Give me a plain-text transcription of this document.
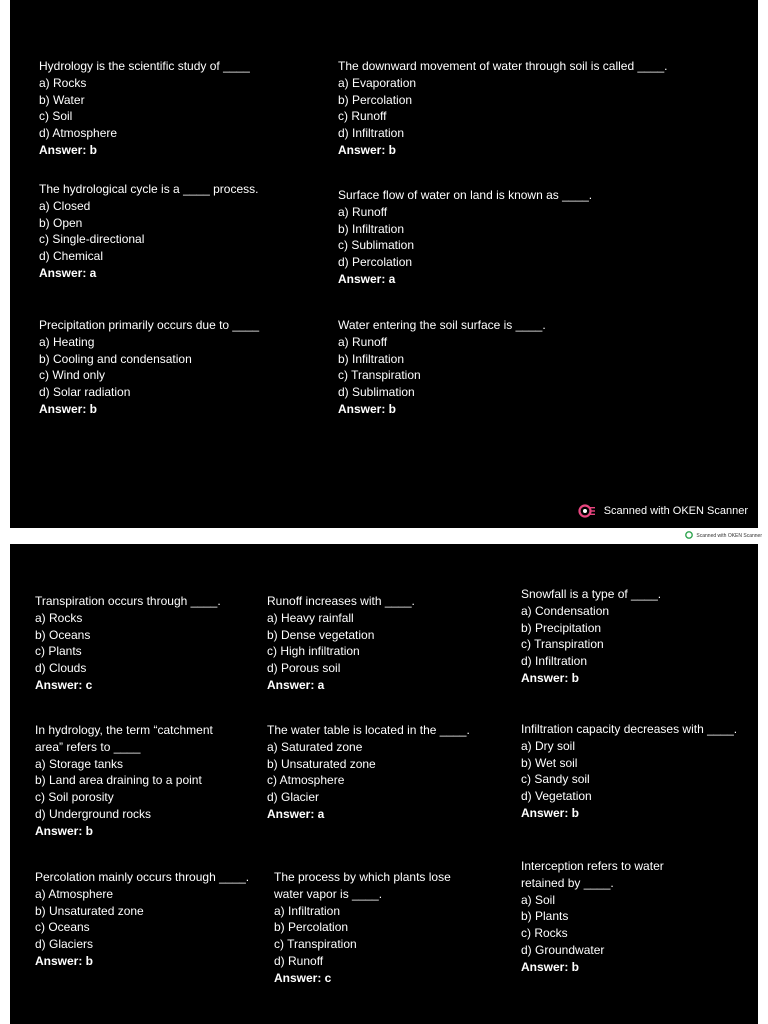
Hydrology is the scientific study of ____
a) Rocks
b) Water
c) Soil
d) Atmosphere
Answer: b
The downward movement of water through soil is called ____.
a) Evaporation
b) Percolation
c) Runoff
d) Infiltration
Answer: b
The hydrological cycle is a ____ process.
a) Closed
b) Open
c) Single-directional
d) Chemical
Answer: a
Surface flow of water on land is known as ____.
a) Runoff
b) Infiltration
c) Sublimation
d) Percolation
Answer: a
Precipitation primarily occurs due to ____
a) Heating
b) Cooling and condensation
c) Wind only
d) Solar radiation
Answer: b
Water entering the soil surface is ____.
a) Runoff
b) Infiltration
c) Transpiration
d) Sublimation
Answer: b
Scanned with OKEN Scanner
Scanned with OKEN Scanner
Transpiration occurs through ____.
a) Rocks
b) Oceans
c) Plants
d) Clouds
Answer: c
Runoff increases with ____.
a) Heavy rainfall
b) Dense vegetation
c) High infiltration
d) Porous soil
Answer: a
Snowfall is a type of ____.
a) Condensation
b) Precipitation
c) Transpiration
d) Infiltration
Answer: b
In hydrology, the term “catchment area” refers to ____
a) Storage tanks
b) Land area draining to a point
c) Soil porosity
d) Underground rocks
Answer: b
The water table is located in the ____.
a) Saturated zone
b) Unsaturated zone
c) Atmosphere
d) Glacier
Answer: a
Infiltration capacity decreases with ____.
a) Dry soil
b) Wet soil
c) Sandy soil
d) Vegetation
Answer: b
Percolation mainly occurs through ____.
a) Atmosphere
b) Unsaturated zone
c) Oceans
d) Glaciers
Answer: b
The process by which plants lose water vapor is ____.
a) Infiltration
b) Percolation
c) Transpiration
d) Runoff
Answer: c
Interception refers to water retained by ____.
a) Soil
b) Plants
c) Rocks
d) Groundwater
Answer: b
